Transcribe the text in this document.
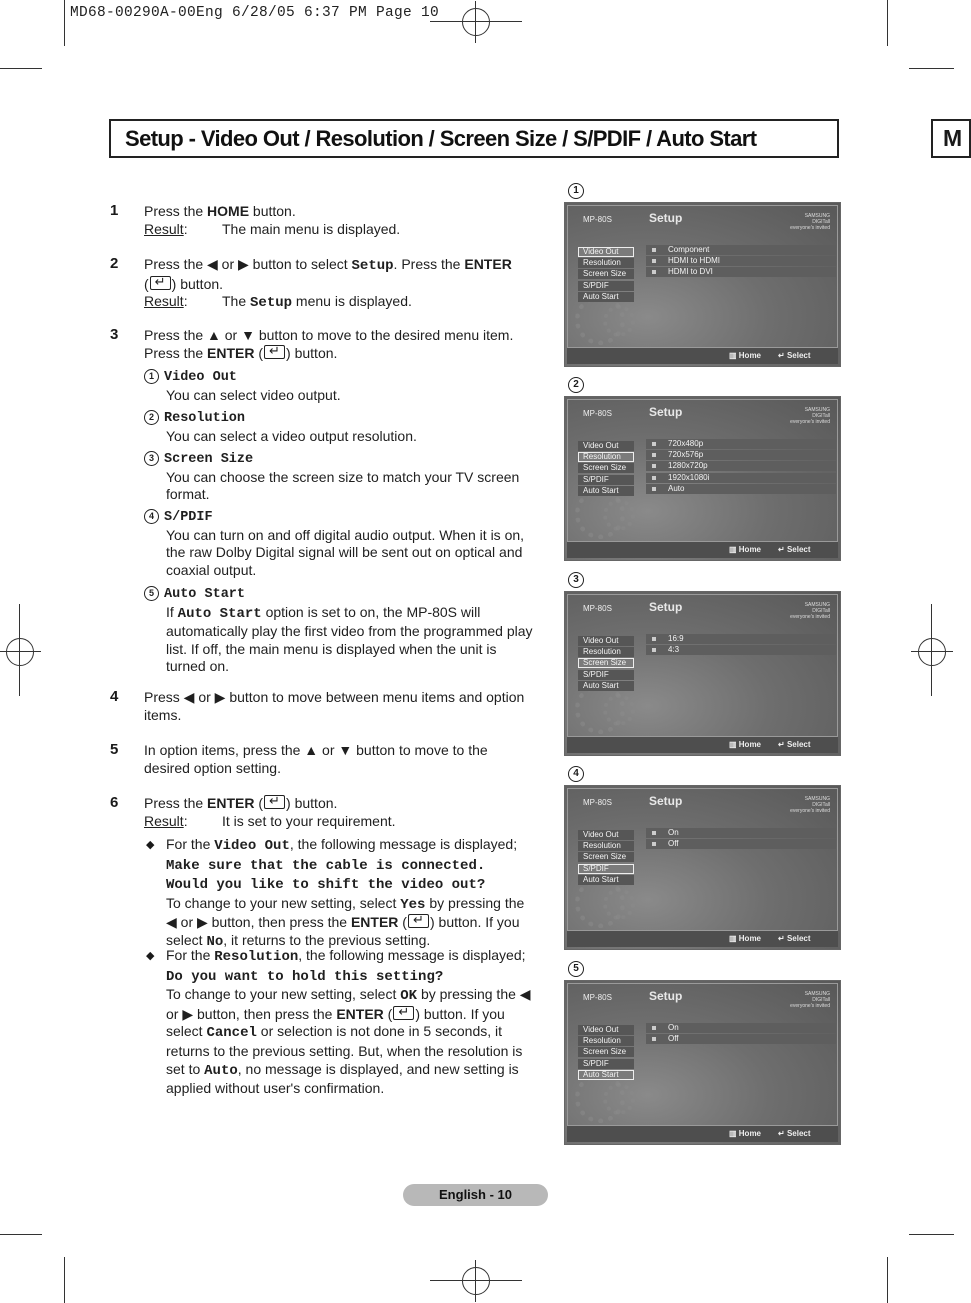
MD68-00290A-00Eng 6/28/05 6:37 PM Page 10
Setup - Video Out / Resolution / Screen Size / S/PDIF / Auto Start	M
1 Press the HOME button.
Result: The main menu is displayed.
2 Press the ◀ or ▶ button to select Setup. Press the ENTER
( ↵ ) button.
Result: The Setup menu is displayed.
3 Press the ▲ or ▼ button to move to the desired menu item.
Press the ENTER ( ↵ ) button.
1 Video Out
You can select video output.
2 Resolution
You can select a video output resolution.
3 Screen Size
You can choose the screen size to match your TV screen
format.
4 S/PDIF
You can turn on and off digital audio output. When it is on,
the raw Dolby Digital signal will be sent out on optical and
coaxial output.
5 Auto Start
If Auto Start option is set to on, the MP-80S will
automatically play the first video from the programmed play
list. If off, the main menu is displayed when the unit is
turned on.
4 Press ◀ or ▶ button to move between menu items and option
items.
5 In option items, press the ▲ or ▼ button to move to the
desired option setting.
6 Press the ENTER ( ↵ ) button.
Result: It is set to your requirement.
◆ For the Video Out, the following message is displayed;
Make sure that the cable is connected.
Would you like to shift the video out?
To change to your new setting, select Yes by pressing the
◀ or ▶ button, then press the ENTER ( ↵ ) button. If you
select No, it returns to the previous setting.
◆ For the Resolution, the following message is displayed;
Do you want to hold this setting?
To change to your new setting, select OK by pressing the ◀
or ▶ button, then press the ENTER ( ↵ ) button. If you
select Cancel or selection is not done in 5 seconds, it
returns to the previous setting. But, when the resolution is
set to Auto, no message is displayed, and new setting is
applied without user's confirmation.
1
MP-80S	Setup	SAMSUNG DIGITall everyone's invited
Video Out
Resolution
Screen Size
S/PDIF
Auto Start
Component
HDMI to HDMI
HDMI to DVI
▥ Home ↵ Select
2
MP-80S	Setup	SAMSUNG DIGITall everyone's invited
Video Out
Resolution
Screen Size
S/PDIF
Auto Start
720x480p
720x576p
1280x720p
1920x1080i
Auto
▥ Home ↵ Select
3
MP-80S	Setup	SAMSUNG DIGITall everyone's invited
Video Out
Resolution
Screen Size
S/PDIF
Auto Start
16:9
4:3
▥ Home ↵ Select
4
MP-80S	Setup	SAMSUNG DIGITall everyone's invited
Video Out
Resolution
Screen Size
S/PDIF
Auto Start
On
Off
▥ Home ↵ Select
5
MP-80S	Setup	SAMSUNG DIGITall everyone's invited
Video Out
Resolution
Screen Size
S/PDIF
Auto Start
On
Off
▥ Home ↵ Select
English - 10
